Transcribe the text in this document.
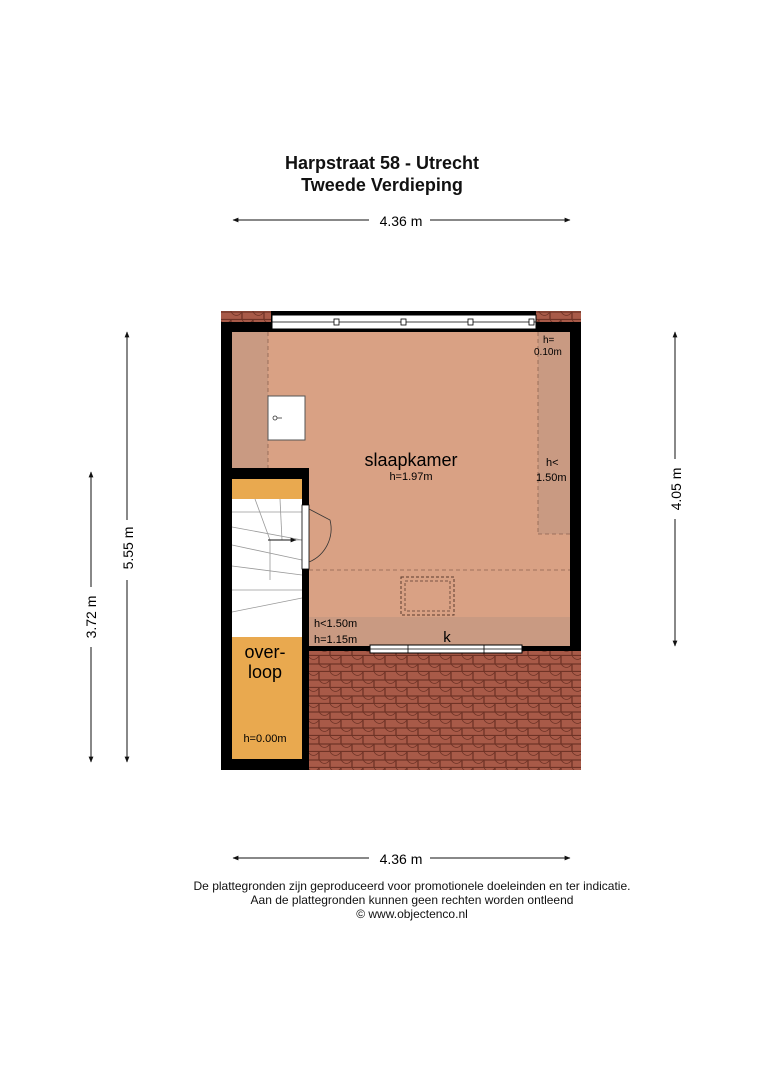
Harpstraat 58 - Utrecht
Tweede Verdieping
4.36 m
4.36 m
5.55 m
3.72 m
4.05 m
slaapkamer
h=1.97m
over-
loop
h=0.00m
h=
0.10m
h<
1.50m
h<1.50m
h=1.15m	k
De plattegronden zijn geproduceerd voor promotionele doeleinden en ter indicatie.
Aan de plattegronden kunnen geen rechten worden ontleend
© www.objectenco.nl
